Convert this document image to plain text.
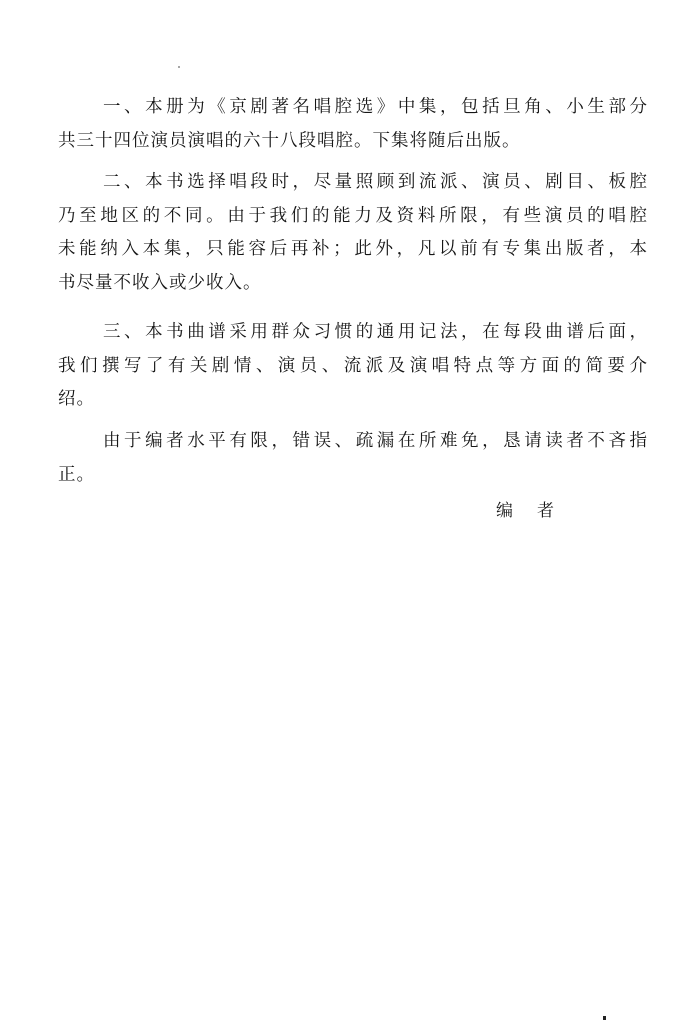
一、本册为《京剧著名唱腔选》中集，包括旦角、小生部分
共三十四位演员演唱的六十八段唱腔。下集将随后出版。

二、本书选择唱段时，尽量照顾到流派、演员、剧目、板腔
乃至地区的不同。由于我们的能力及资料所限，有些演员的唱腔
未能纳入本集，只能容后再补；此外，凡以前有专集出版者，本
书尽量不收入或少收入。

三、本书曲谱采用群众习惯的通用记法，在每段曲谱后面，
我们撰写了有关剧情、演员、流派及演唱特点等方面的简要介
绍。

由于编者水平有限，错误、疏漏在所难免，恳请读者不吝指
正。

编者
